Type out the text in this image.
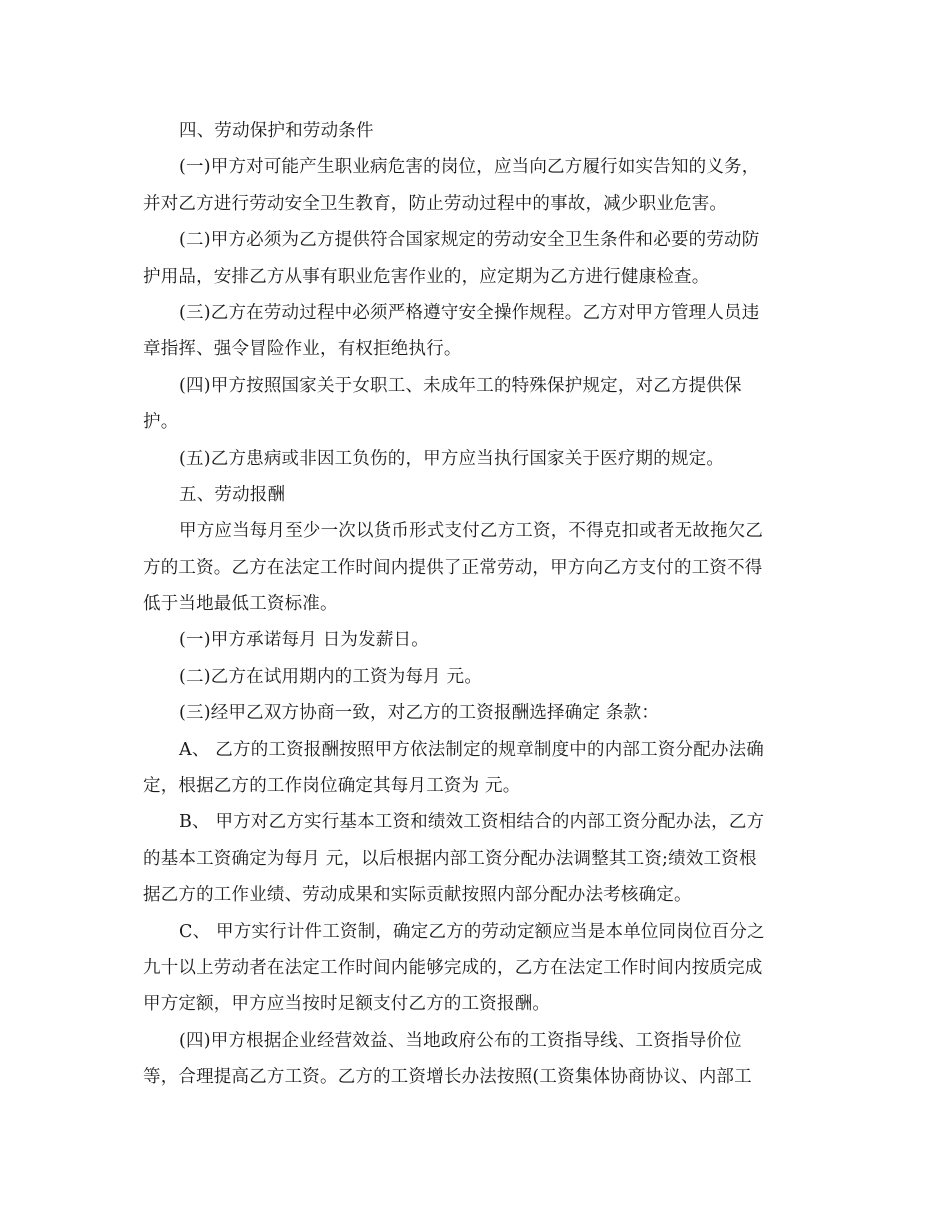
四、劳动保护和劳动条件
(一)甲方对可能产生职业病危害的岗位，应当向乙方履行如实告知的义务，
并对乙方进行劳动安全卫生教育，防止劳动过程中的事故，减少职业危害。
(二)甲方必须为乙方提供符合国家规定的劳动安全卫生条件和必要的劳动防
护用品，安排乙方从事有职业危害作业的，应定期为乙方进行健康检查。
(三)乙方在劳动过程中必须严格遵守安全操作规程。乙方对甲方管理人员违
章指挥、强令冒险作业，有权拒绝执行。
(四)甲方按照国家关于女职工、未成年工的特殊保护规定，对乙方提供保
护。
(五)乙方患病或非因工负伤的，甲方应当执行国家关于医疗期的规定。
五、劳动报酬
甲方应当每月至少一次以货币形式支付乙方工资，不得克扣或者无故拖欠乙
方的工资。乙方在法定工作时间内提供了正常劳动，甲方向乙方支付的工资不得
低于当地最低工资标准。
(一)甲方承诺每月 日为发薪日。
(二)乙方在试用期内的工资为每月 元。
(三)经甲乙双方协商一致，对乙方的工资报酬选择确定 条款：
A、 乙方的工资报酬按照甲方依法制定的规章制度中的内部工资分配办法确
定，根据乙方的工作岗位确定其每月工资为 元。
B、 甲方对乙方实行基本工资和绩效工资相结合的内部工资分配办法，乙方
的基本工资确定为每月 元，以后根据内部工资分配办法调整其工资;绩效工资根
据乙方的工作业绩、劳动成果和实际贡献按照内部分配办法考核确定。
C、 甲方实行计件工资制，确定乙方的劳动定额应当是本单位同岗位百分之
九十以上劳动者在法定工作时间内能够完成的，乙方在法定工作时间内按质完成
甲方定额，甲方应当按时足额支付乙方的工资报酬。
(四)甲方根据企业经营效益、当地政府公布的工资指导线、工资指导价位
等，合理提高乙方工资。乙方的工资增长办法按照(工资集体协商协议、内部工
